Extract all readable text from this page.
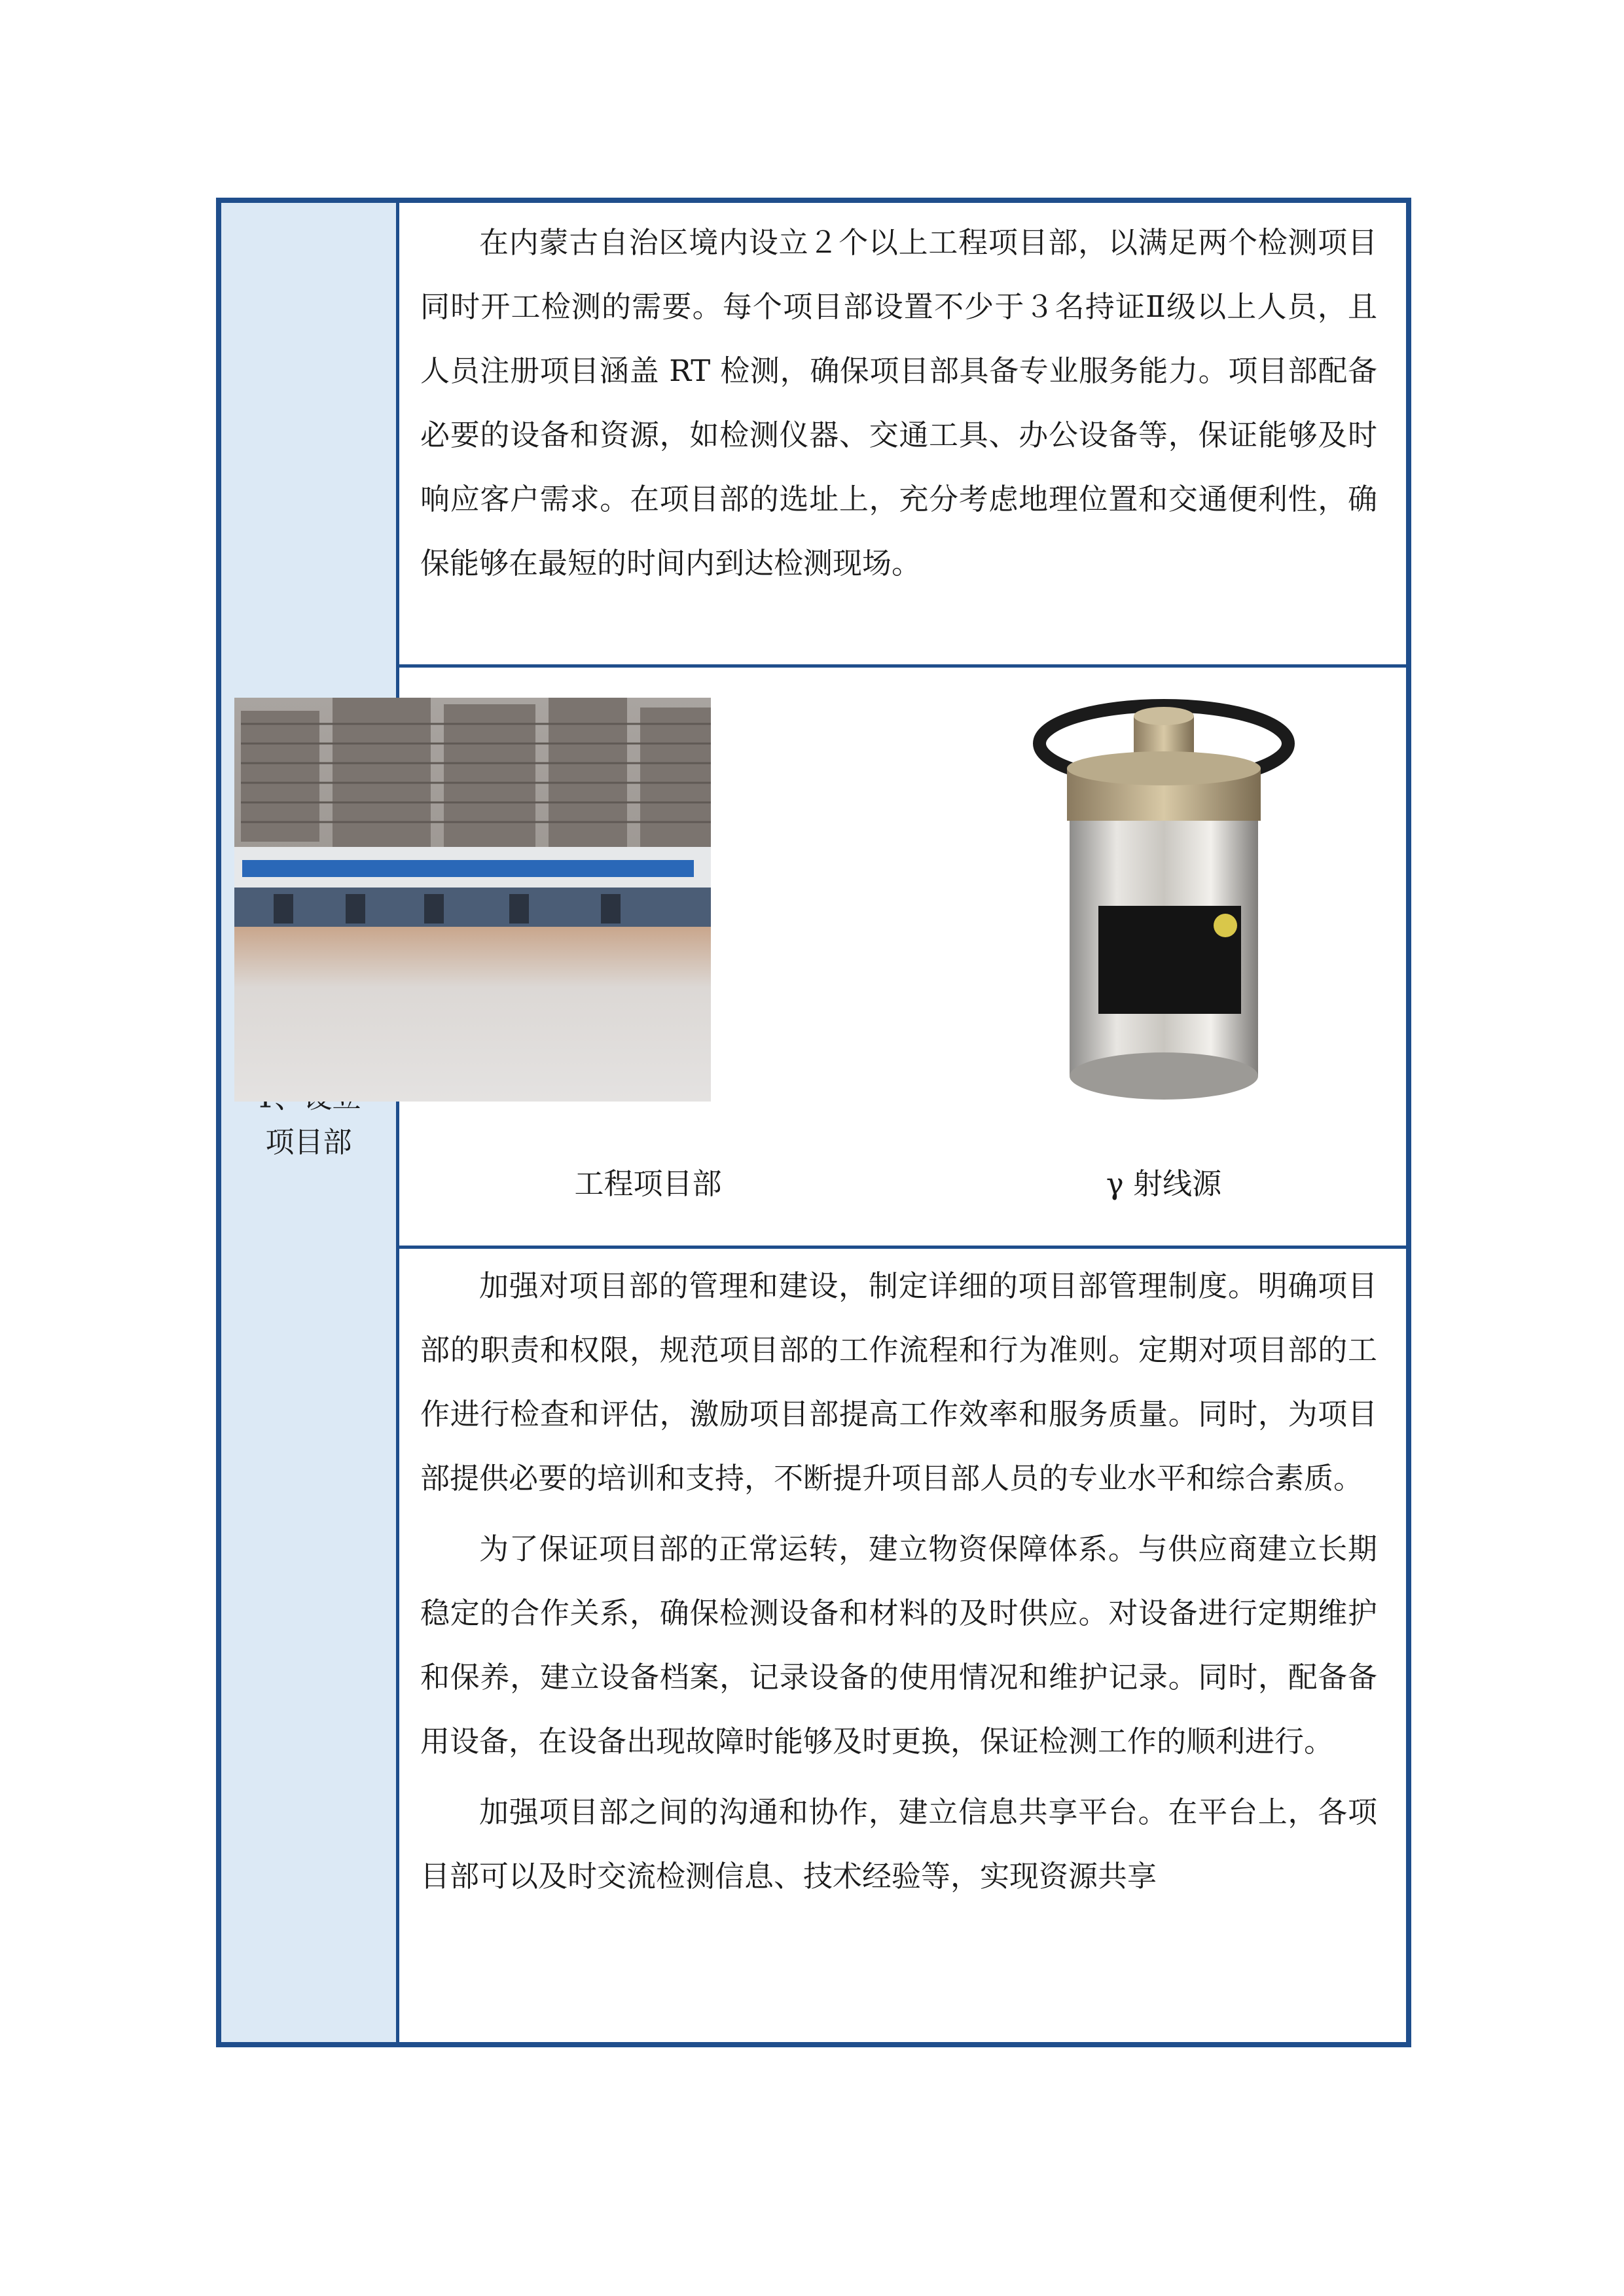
项目部

在内蒙古自治区境内设立２个以上工程项目部，以满足两个检测项目同时开工检测的需要。每个项目部设置不少于３名持证Ⅱ级以上人员，且人员注册项目涵盖 RT 检测，确保项目部具备专业服务能力。项目部配备必要的设备和资源，如检测仪器、交通工具、办公设备等，保证能够及时响应客户需求。在项目部的选址上，充分考虑地理位置和交通便利性，确保能够在最短的时间内到达检测现场。

加强对项目部的管理和建设，制定详细的项目部管理制度。明确项目部的职责和权限，规范项目部的工作流程和行为准则。定期对项目部的工作进行检查和评估，激励项目部提高工作效率和服务质量。同时，为项目部提供必要的培训和支持，不断提升项目部人员的专业水平和综合素质。

为了保证项目部的正常运转，建立物资保障体系。与供应商建立长期稳定的合作关系，确保检测设备和材料的及时供应。对设备进行定期维护和保养，建立设备档案，记录设备的使用情况和维护记录。同时，配备备用设备，在设备出现故障时能够及时更换，保证检测工作的顺利进行。

加强项目部之间的沟通和协作，建立信息共享平台。在平台上，各项目部可以及时交流检测信息、技术经验等，实现资源共享

工程项目部	γ 射线源
